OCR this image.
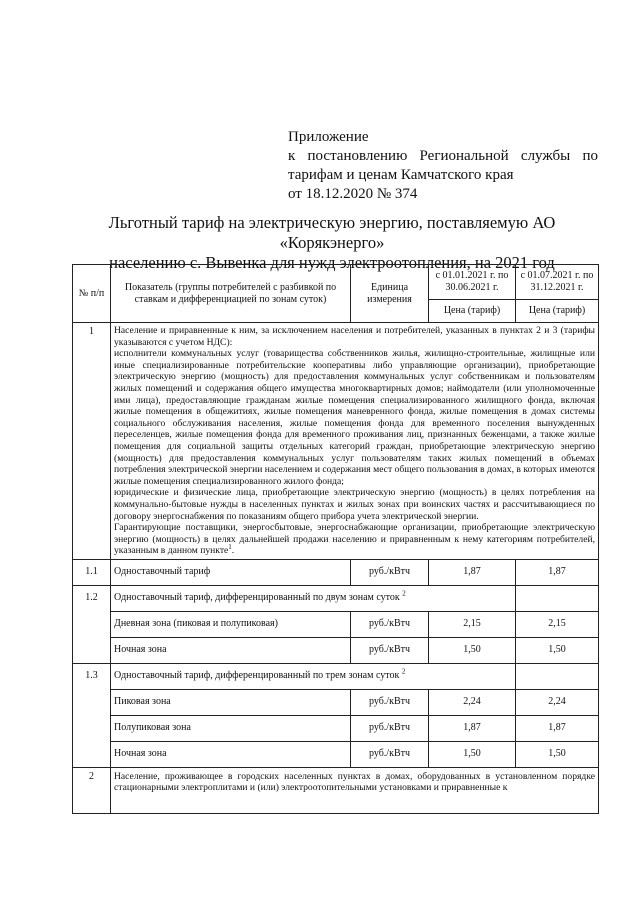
Приложение
к постановлению Региональной службы по
тарифам и ценам Камчатского края
от 18.12.2020 № 374
Льготный тариф на электрическую энергию, поставляемую АО «Корякэнерго»
населению с. Вывенка для нужд электроотопления, на 2021 год
№ п/п	Показатель (группы потребителей с разбивкой по ставкам и дифференциацией по зонам суток)	Единица измерения	с 01.01.2021 г. по 30.06.2021 г.	с 01.07.2021 г. по 31.12.2021 г.
			Цена (тариф)	Цена (тариф)
1	Население и приравненные к ним, за исключением населения и потребителей, указанных в пунктах 2 и 3 (тарифы указываются с учетом НДС):

исполнители коммунальных услуг (товарищества собственников жилья, жилищно-строительные, жилищные или иные специализированные потребительские кооперативы либо управляющие организации), приобретающие электрическую энергию (мощность) для предоставления коммунальных услуг собственникам и пользователям жилых помещений и содержания общего имущества многоквартирных домов; наймодатели (или уполномоченные ими лица), предоставляющие гражданам жилые помещения специализированного жилищного фонда, включая жилые помещения в общежитиях, жилые помещения маневренного фонда, жилые помещения в домах системы социального обслуживания населения, жилые помещения фонда для временного поселения вынужденных переселенцев, жилые помещения фонда для временного проживания лиц, признанных беженцами, а также жилые помещения для социальной защиты отдельных категорий граждан, приобретающие электрическую энергию (мощность) для предоставления коммунальных услуг пользователям таких жилых помещений в объемах потребления электрической энергии населением и содержания мест общего пользования в домах, в которых имеются жилые помещения специализированного жилого фонда;

юридические и физические лица, приобретающие электрическую энергию (мощность) в целях потребления на коммунально-бытовые нужды в населенных пунктах и жилых зонах при воинских частях и рассчитывающиеся по договору энергоснабжения по показаниям общего прибора учета электрической энергии.

Гарантирующие поставщики, энергосбытовые, энергоснабжающие организации, приобретающие электрическую энергию (мощность) в целях дальнейшей продажи населению и приравненным к нему категориям потребителей, указанным в данном пункте$^1$.			

1.1	Одноставочный тариф	руб./кВтч	1,87	1,87
1.2	Одноставочный тариф, дифференцированный по двум зонам суток $^2$	
	Дневная зона (пиковая и полупиковая)	руб./кВтч	2,15	2,15
	Ночная зона	руб./кВтч	1,50	1,50
1.3	Одноставочный тариф, дифференцированный по трем зонам суток $^2$	
	Пиковая зона	руб./кВтч	2,24	2,24
	Полупиковая зона	руб./кВтч	1,87	1,87
	Ночная зона	руб./кВтч	1,50	1,50
2	Население, проживающее в городских населенных пунктах в домах, оборудованных в установленном порядке стационарными электроплитами и (или) электроотопительными установками и приравненные к			
